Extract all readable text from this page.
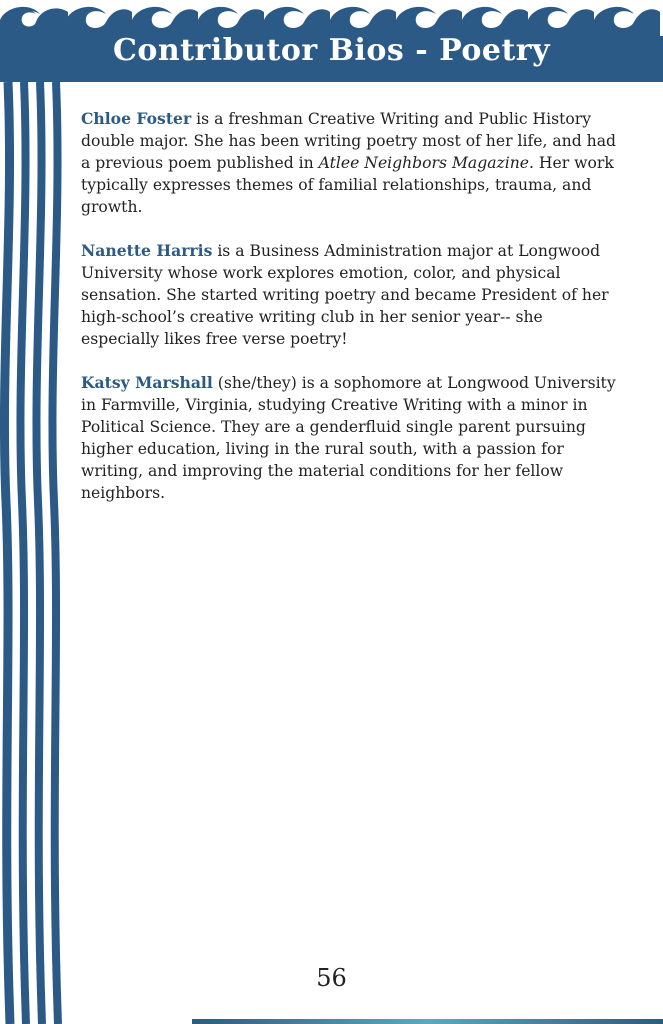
Contributor Bios - Poetry

Chloe Foster is a freshman Creative Writing and Public History double major. She has been writing poetry most of her life, and had a previous poem published in Atlee Neighbors Magazine. Her work typically expresses themes of familial relationships, trauma, and growth.

Nanette Harris is a Business Administration major at Longwood University whose work explores emotion, color, and physical sensation. She started writing poetry and became President of her high-school’s creative writing club in her senior year-- she especially likes free verse poetry!

Katsy Marshall (she/they) is a sophomore at Longwood University in Farmville, Virginia, studying Creative Writing with a minor in Political Science. They are a genderfluid single parent pursuing higher education, living in the rural south, with a passion for writing, and improving the material conditions for her fellow neighbors.

56
